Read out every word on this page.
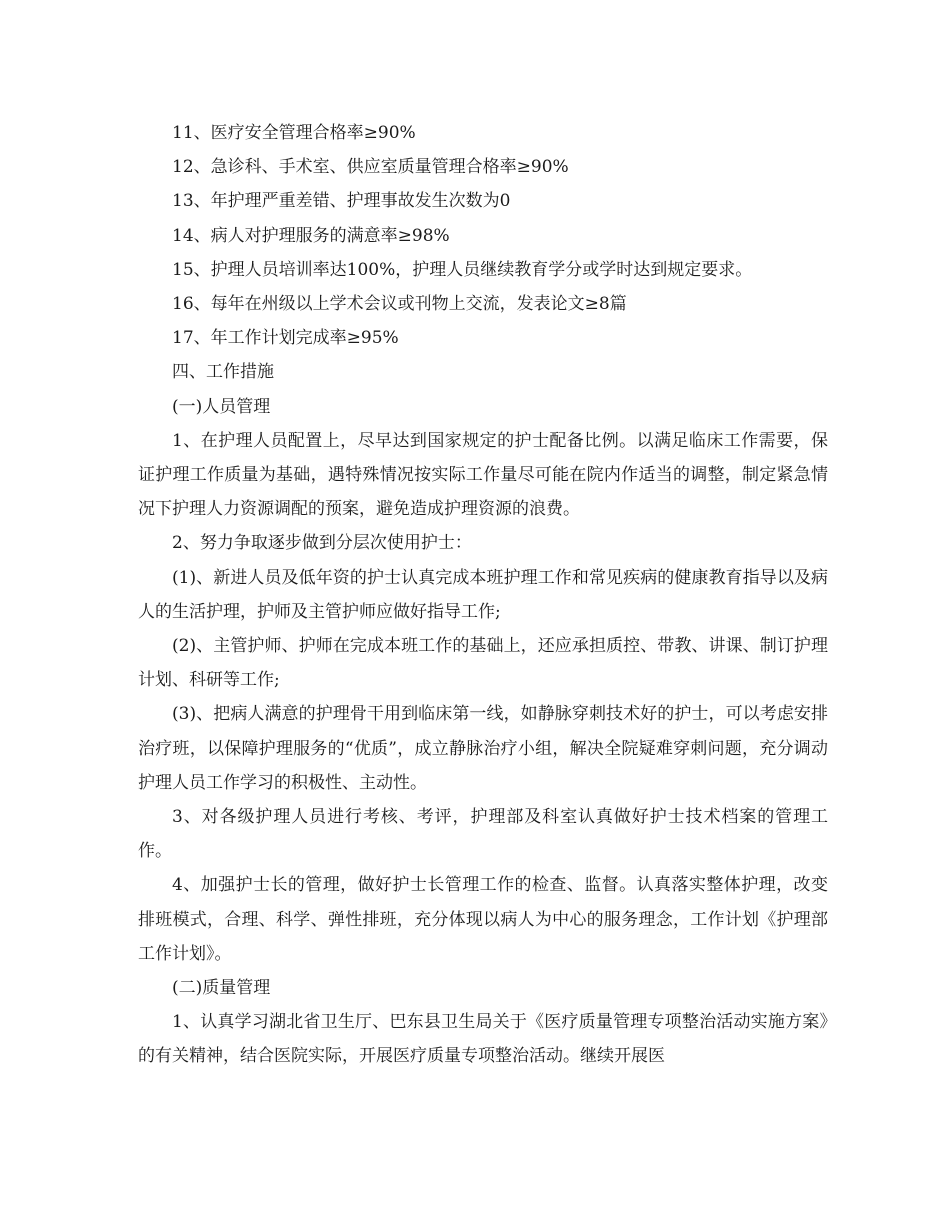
11、医疗安全管理合格率≥90%

12、急诊科、手术室、供应室质量管理合格率≥90%

13、年护理严重差错、护理事故发生次数为0

14、病人对护理服务的满意率≥98%

15、护理人员培训率达100%，护理人员继续教育学分或学时达到规定要求。

16、每年在州级以上学术会议或刊物上交流，发表论文≥8篇

17、年工作计划完成率≥95%

四、工作措施

(一)人员管理

1、在护理人员配置上，尽早达到国家规定的护士配备比例。以满足临床工作需要，保证护理工作质量为基础，遇特殊情况按实际工作量尽可能在院内作适当的调整，制定紧急情况下护理人力资源调配的预案，避免造成护理资源的浪费。

2、努力争取逐步做到分层次使用护士：

(1)、新进人员及低年资的护士认真完成本班护理工作和常见疾病的健康教育指导以及病人的生活护理，护师及主管护师应做好指导工作;

(2)、主管护师、护师在完成本班工作的基础上，还应承担质控、带教、讲课、制订护理计划、科研等工作;

(3)、把病人满意的护理骨干用到临床第一线，如静脉穿刺技术好的护士，可以考虑安排治疗班，以保障护理服务的“优质”，成立静脉治疗小组，解决全院疑难穿刺问题，充分调动护理人员工作学习的积极性、主动性。

3、对各级护理人员进行考核、考评，护理部及科室认真做好护士技术档案的管理工作。

4、加强护士长的管理，做好护士长管理工作的检查、监督。认真落实整体护理，改变排班模式，合理、科学、弹性排班，充分体现以病人为中心的服务理念，工作计划《护理部工作计划》。

(二)质量管理

1、认真学习湖北省卫生厅、巴东县卫生局关于《医疗质量管理专项整治活动实施方案》的有关精神，结合医院实际，开展医疗质量专项整治活动。继续开展医
